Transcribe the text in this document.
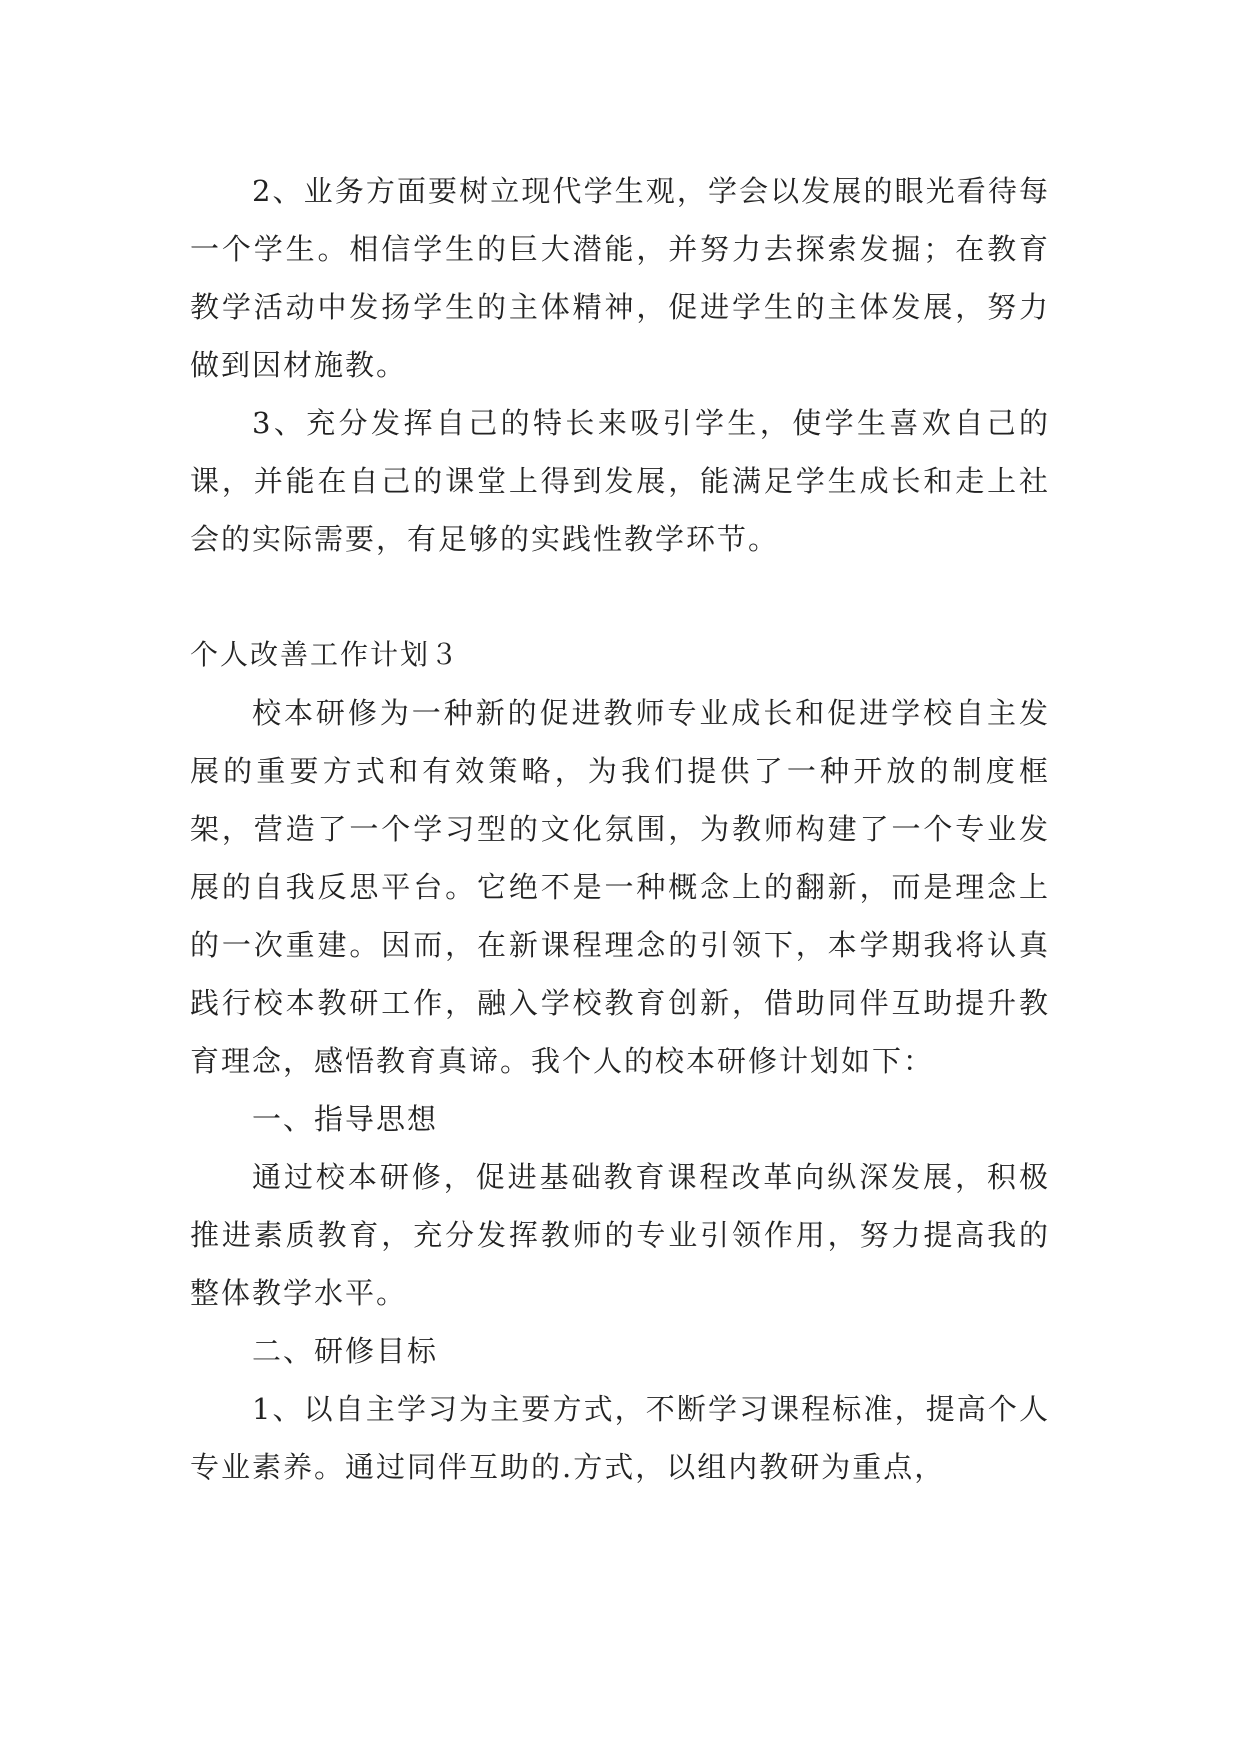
2、业务方面要树立现代学生观，学会以发展的眼光看待每一个学生。相信学生的巨大潜能，并努力去探索发掘；在教育教学活动中发扬学生的主体精神，促进学生的主体发展，努力做到因材施教。

3、充分发挥自己的特长来吸引学生，使学生喜欢自己的课，并能在自己的课堂上得到发展，能满足学生成长和走上社会的实际需要，有足够的实践性教学环节。

个人改善工作计划３

校本研修为一种新的促进教师专业成长和促进学校自主发展的重要方式和有效策略，为我们提供了一种开放的制度框架，营造了一个学习型的文化氛围，为教师构建了一个专业发展的自我反思平台。它绝不是一种概念上的翻新，而是理念上的一次重建。因而，在新课程理念的引领下，本学期我将认真践行校本教研工作，融入学校教育创新，借助同伴互助提升教育理念，感悟教育真谛。我个人的校本研修计划如下：

一、指导思想

通过校本研修，促进基础教育课程改革向纵深发展，积极推进素质教育，充分发挥教师的专业引领作用，努力提高我的整体教学水平。

二、研修目标

1、以自主学习为主要方式，不断学习课程标准，提高个人专业素养。通过同伴互助的.方式，以组内教研为重点，
